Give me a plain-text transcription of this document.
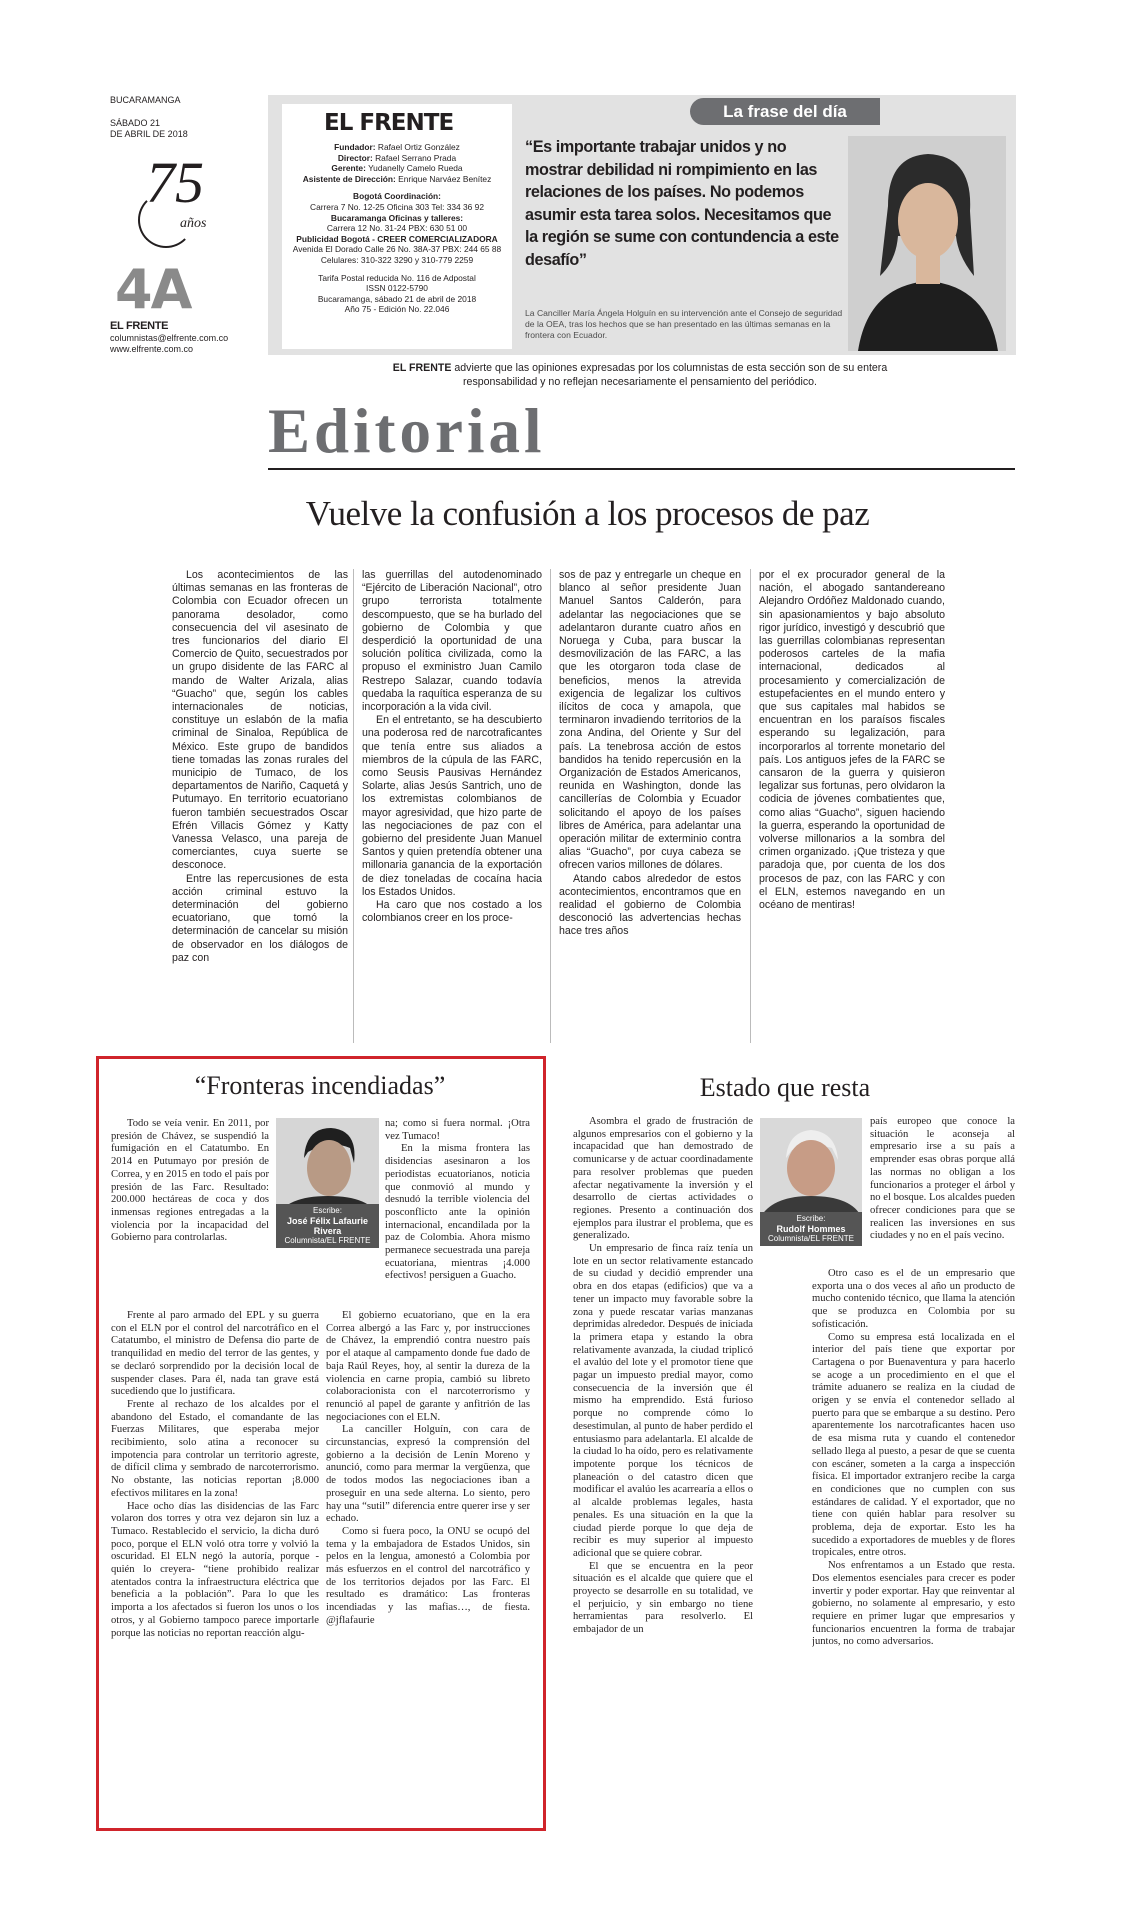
BUCARAMANGA
SÁBADO 21
DE ABRIL DE 2018
75
años
4A
EL FRENTE
columnistas@elfrente.com.co
www.elfrente.com.co
EL FRENTE
Fundador: Rafael Ortiz González
Director: Rafael Serrano Prada
Gerente: Yudanelly Camelo Rueda
Asistente de Dirección: Enrique Narváez Benítez
Bogotá Coordinación:
Carrera 7 No. 12-25 Oficina 303 Tel: 334 36 92
Bucaramanga Oficinas y talleres:
Carrera 12 No. 31-24 PBX: 630 51 00
Publicidad Bogotá - CREER COMERCIALIZADORA
Avenida El Dorado Calle 26 No. 38A-37 PBX: 244 65 88
Celulares: 310-322 3290 y 310-779 2259
Tarifa Postal reducida No. 116 de Adpostal
ISSN 0122-5790
Bucaramanga, sábado 21 de abril de 2018
Año 75 - Edición No. 22.046
La frase del día
“Es importante trabajar unidos y no mostrar debilidad ni rompimiento en las relaciones de los países. No podemos asumir esta tarea solos. Necesitamos que la región se sume con contundencia a este desafío”
La Canciller María Ángela Holguín en su intervención ante el Consejo de seguridad de la OEA, tras los hechos que se han presentado en las últimas semanas en la frontera con Ecuador.
EL FRENTE advierte que las opiniones expresadas por los columnistas de esta sección son de su entera responsabilidad y no reflejan necesariamente el pensamiento del periódico.
Editorial
Vuelve la confusión a los procesos de paz

Los acontecimientos de las últimas semanas en las fronteras de Colombia con Ecuador ofrecen un panorama desolador, como consecuencia del vil asesinato de tres funcionarios del diario El Comercio de Quito, secuestrados por un grupo disidente de las FARC al mando de Walter Arizala, alias “Guacho” que, según los cables internacionales de noticias, constituye un eslabón de la mafia criminal de Sinaloa, República de México. Este grupo de bandidos tiene tomadas las zonas rurales del municipio de Tumaco, de los departamentos de Nariño, Caquetá y Putumayo. En territorio ecuatoriano fueron también secuestrados Oscar Efrén Villacis Gómez y Katty Vanessa Velasco, una pareja de comerciantes, cuya suerte se desconoce.

Entre las repercusiones de esta acción criminal estuvo la determinación del gobierno ecuatoriano, que tomó la determinación de cancelar su misión de observador en los diálogos de paz con

las guerrillas del autodenominado “Ejército de Liberación Nacional”, otro grupo terrorista totalmente descompuesto, que se ha burlado del gobierno de Colombia y que desperdició la oportunidad de una solución política civilizada, como la propuso el exministro Juan Camilo Restrepo Salazar, cuando todavía quedaba la raquítica esperanza de su incorporación a la vida civil.

En el entretanto, se ha descubierto una poderosa red de narcotraficantes que tenía entre sus aliados a miembros de la cúpula de las FARC, como Seusis Pausivas Hernández Solarte, alias Jesús Santrich, uno de los extremistas colombianos de mayor agresividad, que hizo parte de las negociaciones de paz con el gobierno del presidente Juan Manuel Santos y quien pretendía obtener una millonaria ganancia de la exportación de diez toneladas de cocaína hacia los Estados Unidos.

Ha caro que nos costado a los colombianos creer en los proce-

sos de paz y entregarle un cheque en blanco al señor presidente Juan Manuel Santos Calderón, para adelantar las negociaciones que se adelantaron durante cuatro años en Noruega y Cuba, para buscar la desmovilización de las FARC, a las que les otorgaron toda clase de beneficios, menos la atrevida exigencia de legalizar los cultivos ilícitos de coca y amapola, que terminaron invadiendo territorios de la zona Andina, del Oriente y Sur del país. La tenebrosa acción de estos bandidos ha tenido repercusión en la Organización de Estados Americanos, reunida en Washington, donde las cancillerías de Colombia y Ecuador solicitando el apoyo de los países libres de América, para adelantar una operación militar de exterminio contra alias “Guacho”, por cuya cabeza se ofrecen varios millones de dólares.

Atando cabos alrededor de estos acontecimientos, encontramos que en realidad el gobierno de Colombia desconoció las advertencias hechas hace tres años

por el ex procurador general de la nación, el abogado santandereano Alejandro Ordóñez Maldonado cuando, sin apasionamientos y bajo absoluto rigor jurídico, investigó y descubrió que las guerrillas colombianas representan poderosos carteles de la mafia internacional, dedicados al procesamiento y comercialización de estupefacientes en el mundo entero y que sus capitales mal habidos se encuentran en los paraísos fiscales esperando su legalización, para incorporarlos al torrente monetario del país. Los antiguos jefes de la FARC se cansaron de la guerra y quisieron legalizar sus fortunas, pero olvidaron la codicia de jóvenes combatientes que, como alias “Guacho”, siguen haciendo la guerra, esperando la oportunidad de volverse millonarios a la sombra del crimen organizado. ¡Que tristeza y que paradoja que, por cuenta de los dos procesos de paz, con las FARC y con el ELN, estemos navegando en un océano de mentiras!

“Fronteras incendiadas”
Escribe:
José Félix Lafaurie Rivera
Columnista/EL FRENTE

Todo se veía venir. En 2011, por presión de Chávez, se suspendió la fumigación en el Catatumbo. En 2014 en Putumayo por presión de Correa, y en 2015 en todo el país por presión de las Farc. Resultado: 200.000 hectáreas de coca y dos inmensas regiones entregadas a la violencia por la incapacidad del Gobierno para controlarlas.

Frente al paro armado del EPL y su guerra con el ELN por el control del narcotráfico en el Catatumbo, el ministro de Defensa dio parte de tranquilidad en medio del terror de las gentes, y se declaró sorprendido por la decisión local de suspender clases. Para él, nada tan grave está sucediendo que lo justificara.

Frente al rechazo de los alcaldes por el abandono del Estado, el comandante de las Fuerzas Militares, que esperaba mejor recibimiento, solo atina a reconocer su impotencia para controlar un territorio agreste, de difícil clima y sembrado de narcoterrorismo. No obstante, las noticias reportan ¡8.000 efectivos militares en la zona!

Hace ocho días las disidencias de las Farc volaron dos torres y otra vez dejaron sin luz a Tumaco. Restablecido el servicio, la dicha duró poco, porque el ELN voló otra torre y volvió la oscuridad. El ELN negó la autoría, porque -quién lo creyera- “tiene prohibido realizar atentados contra la infraestructura eléctrica que beneficia a la población”. Para lo que les importa a los afectados si fueron los unos o los otros, y al Gobierno tampoco parece importarle porque las noticias no reportan reacción algu-

na; como si fuera normal. ¡Otra vez Tumaco!

En la misma frontera las disidencias asesinaron a los periodistas ecuatorianos, noticia que conmovió al mundo y desnudó la terrible violencia del posconflicto ante la opinión internacional, encandilada por la paz de Colombia. Ahora mismo permanece secuestrada una pareja ecuatoriana, mientras ¡4.000 efectivos! persiguen a Guacho.

El gobierno ecuatoriano, que en la era Correa albergó a las Farc y, por instrucciones de Chávez, la emprendió contra nuestro país por el ataque al campamento donde fue dado de baja Raúl Reyes, hoy, al sentir la dureza de la violencia en carne propia, cambió su libreto colaboracionista con el narcoterrorismo y renunció al papel de garante y anfitrión de las negociaciones con el ELN.

La canciller Holguín, con cara de circunstancias, expresó la comprensión del gobierno a la decisión de Lenín Moreno y anunció, como para mermar la vergüenza, que de todos modos las negociaciones iban a proseguir en una sede alterna. Lo siento, pero hay una “sutil” diferencia entre querer irse y ser echado.

Como si fuera poco, la ONU se ocupó del tema y la embajadora de Estados Unidos, sin pelos en la lengua, amonestó a Colombia por más esfuerzos en el control del narcotráfico y de los territorios dejados por las Farc. El resultado es dramático: Las fronteras incendiadas y las mafias…, de fiesta. @jflafaurie

Estado que resta
Escribe:
Rudolf Hommes
Columnista/EL FRENTE

Asombra el grado de frustración de algunos empresarios con el gobierno y la incapacidad que han demostrado de comunicarse y de actuar coordinadamente para resolver problemas que pueden afectar negativamente la inversión y el desarrollo de ciertas actividades o regiones. Presento a continuación dos ejemplos para ilustrar el problema, que es generalizado.

Un empresario de finca raíz tenía un lote en un sector relativamente estancado de su ciudad y decidió emprender una obra en dos etapas (edificios) que va a tener un impacto muy favorable sobre la zona y puede rescatar varias manzanas deprimidas alrededor. Después de iniciada la primera etapa y estando la obra relativamente avanzada, la ciudad triplicó el avalúo del lote y el promotor tiene que pagar un impuesto predial mayor, como consecuencia de la inversión que él mismo ha emprendido. Está furioso porque no comprende cómo lo desestimulan, al punto de haber perdido el entusiasmo para adelantarla. El alcalde de la ciudad lo ha oído, pero es relativamente impotente porque los técnicos de planeación o del catastro dicen que modificar el avalúo les acarrearía a ellos o al alcalde problemas legales, hasta penales. Es una situación en la que la ciudad pierde porque lo que deja de recibir es muy superior al impuesto adicional que se quiere cobrar.

El que se encuentra en la peor situación es el alcalde que quiere que el proyecto se desarrolle en su totalidad, ve el perjuicio, y sin embargo no tiene herramientas para resolverlo. El embajador de un

país europeo que conoce la situación le aconseja al empresario irse a su país a emprender esas obras porque allá las normas no obligan a los funcionarios a proteger el árbol y no el bosque. Los alcaldes pueden ofrecer condiciones para que se realicen las inversiones en sus ciudades y no en el país vecino.

Otro caso es el de un empresario que exporta una o dos veces al año un producto de mucho contenido técnico, que llama la atención que se produzca en Colombia por su sofisticación.

Como su empresa está localizada en el interior del país tiene que exportar por Cartagena o por Buenaventura y para hacerlo se acoge a un procedimiento en el que el trámite aduanero se realiza en la ciudad de origen y se envía el contenedor sellado al puerto para que se embarque a su destino. Pero aparentemente los narcotraficantes hacen uso de esa misma ruta y cuando el contenedor sellado llega al puesto, a pesar de que se cuenta con escáner, someten a la carga a inspección física. El importador extranjero recibe la carga en condiciones que no cumplen con sus estándares de calidad. Y el exportador, que no tiene con quién hablar para resolver su problema, deja de exportar. Esto les ha sucedido a exportadores de muebles y de flores tropicales, entre otros.

Nos enfrentamos a un Estado que resta. Dos elementos esenciales para crecer es poder invertir y poder exportar. Hay que reinventar al gobierno, no solamente al empresario, y esto requiere en primer lugar que empresarios y funcionarios encuentren la forma de trabajar juntos, no como adversarios.
